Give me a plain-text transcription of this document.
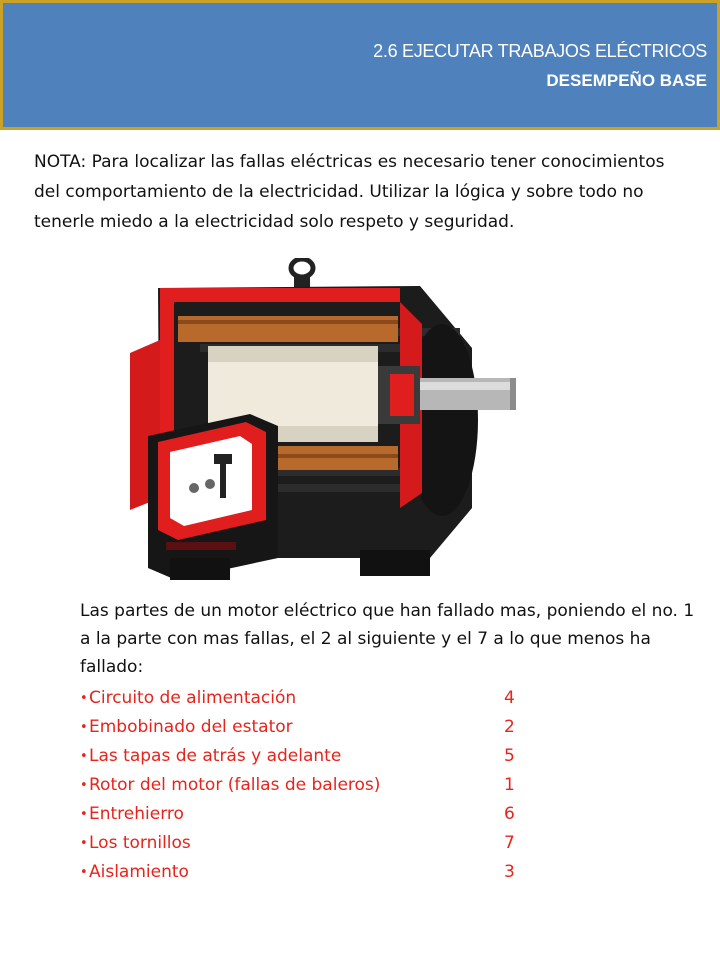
2.6 EJECUTAR TRABAJOS ELÉCTRICOS
DESEMPEÑO BASE
NOTA: Para localizar las fallas eléctricas es necesario tener conocimientos del comportamiento de la electricidad. Utilizar la lógica y sobre todo no tenerle miedo a la electricidad solo respeto y seguridad.
Las partes de un motor eléctrico que han fallado mas, poniendo el no. 1 a la parte con mas fallas, el 2 al siguiente y el 7 a lo que menos ha fallado:
• Circuito de alimentación	4
• Embobinado del estator	2
• Las tapas de atrás y adelante	5
• Rotor del motor (fallas de baleros)	1
• Entrehierro	6
• Los tornillos	7
• Aislamiento	3
